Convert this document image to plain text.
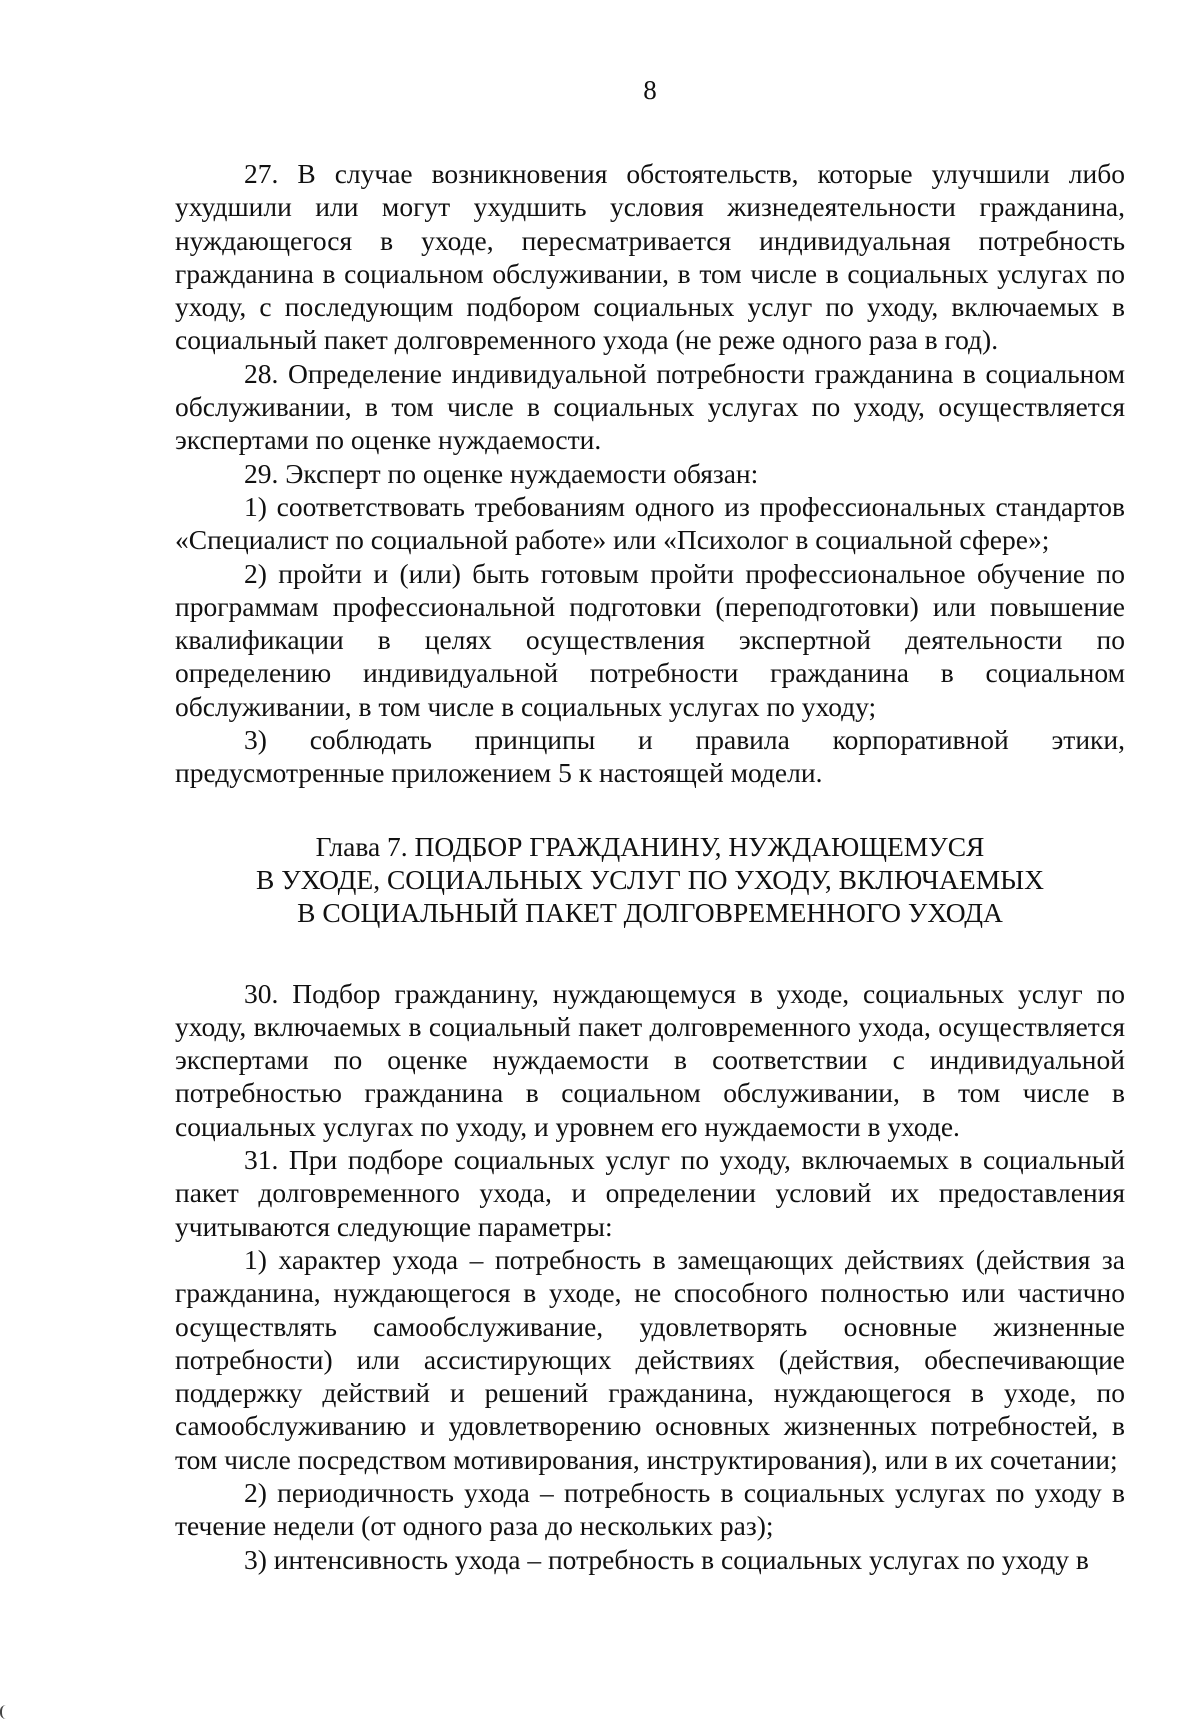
8

27. В случае возникновения обстоятельств, которые улучшили либо ухудшили или могут ухудшить условия жизнедеятельности гражданина, нуждающегося в уходе, пересматривается индивидуальная потребность гражданина в социальном обслуживании, в том числе в социальных услугах по уходу, с последующим подбором социальных услуг по уходу, включаемых в социальный пакет долговременного ухода (не реже одного раза в год).

28. Определение индивидуальной потребности гражданина в социальном обслуживании, в том числе в социальных услугах по уходу, осуществляется экспертами по оценке нуждаемости.

29. Эксперт по оценке нуждаемости обязан:

1) соответствовать требованиям одного из профессиональных стандартов «Специалист по социальной работе» или «Психолог в социальной сфере»;

2) пройти и (или) быть готовым пройти профессиональное обучение по программам профессиональной подготовки (переподготовки) или повышение квалификации в целях осуществления экспертной деятельности по определению индивидуальной потребности гражданина в социальном обслуживании, в том числе в социальных услугах по уходу;

3) соблюдать принципы и правила корпоративной этики, предусмотренные приложением 5 к настоящей модели.

Глава 7. ПОДБОР ГРАЖДАНИНУ, НУЖДАЮЩЕМУСЯ
В УХОДЕ, СОЦИАЛЬНЫХ УСЛУГ ПО УХОДУ, ВКЛЮЧАЕМЫХ
В СОЦИАЛЬНЫЙ ПАКЕТ ДОЛГОВРЕМЕННОГО УХОДА

30. Подбор гражданину, нуждающемуся в уходе, социальных услуг по уходу, включаемых в социальный пакет долговременного ухода, осуществляется экспертами по оценке нуждаемости в соответствии с индивидуальной потребностью гражданина в социальном обслуживании, в том числе в социальных услугах по уходу, и уровнем его нуждаемости в уходе.

31. При подборе социальных услуг по уходу, включаемых в социальный пакет долговременного ухода, и определении условий их предоставления учитываются следующие параметры:

1) характер ухода – потребность в замещающих действиях (действия за гражданина, нуждающегося в уходе, не способного полностью или частично осуществлять самообслуживание, удовлетворять основные жизненные потребности) или ассистирующих действиях (действия, обеспечивающие поддержку действий и решений гражданина, нуждающегося в уходе, по самообслуживанию и удовлетворению основных жизненных потребностей, в том числе посредством мотивирования, инструктирования), или в их сочетании;

2) периодичность ухода – потребность в социальных услугах по уходу в течение недели (от одного раза до нескольких раз);

3) интенсивность ухода – потребность в социальных услугах по уходу в
